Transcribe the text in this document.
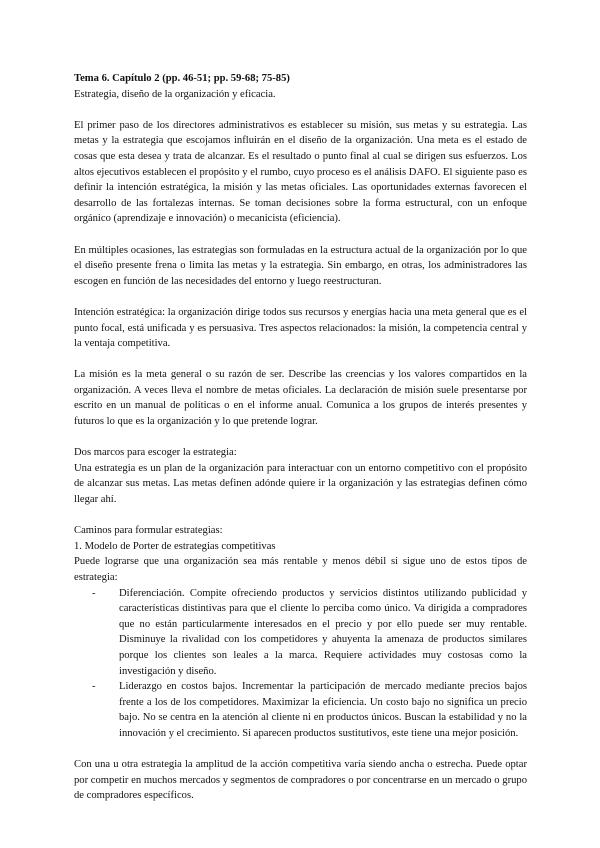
Tema 6. Capítulo 2 (pp. 46-51; pp. 59-68; 75-85)
Estrategia, diseño de la organización y eficacia.

El primer paso de los directores administrativos es establecer su misión, sus metas y su estrategia. Las metas y la estrategia que escojamos influirán en el diseño de la organización. Una meta es el estado de cosas que esta desea y trata de alcanzar. Es el resultado o punto final al cual se dirigen sus esfuerzos. Los altos ejecutivos establecen el propósito y el rumbo, cuyo proceso es el análisis DAFO. El siguiente paso es definir la intención estratégica, la misión y las metas oficiales. Las oportunidades externas favorecen el desarrollo de las fortalezas internas. Se toman decisiones sobre la forma estructural, con un enfoque orgánico (aprendizaje e innovación) o mecanicista (eficiencia).

En múltiples ocasiones, las estrategias son formuladas en la estructura actual de la organización por lo que el diseño presente frena o limita las metas y la estrategia. Sin embargo, en otras, los administradores las escogen en función de las necesidades del entorno y luego reestructuran.

Intención estratégica: la organización dirige todos sus recursos y energías hacia una meta general que es el punto focal, está unificada y es persuasiva. Tres aspectos relacionados: la misión, la competencia central y la ventaja competitiva.

La misión es la meta general o su razón de ser. Describe las creencias y los valores compartidos en la organización. A veces lleva el nombre de metas oficiales. La declaración de misión suele presentarse por escrito en un manual de políticas o en el informe anual. Comunica a los grupos de interés presentes y futuros lo que es la organización y lo que pretende lograr.

Dos marcos para escoger la estrategia:

Una estrategia es un plan de la organización para interactuar con un entorno competitivo con el propósito de alcanzar sus metas. Las metas definen adónde quiere ir la organización y las estrategias definen cómo llegar ahí.

Caminos para formular estrategias:

1. Modelo de Porter de estrategias competitivas

Puede lograrse que una organización sea más rentable y menos débil si sigue uno de estos tipos de estrategia:

- Diferenciación. Compite ofreciendo productos y servicios distintos utilizando publicidad y características distintivas para que el cliente lo perciba como único. Va dirigida a compradores que no están particularmente interesados en el precio y por ello puede ser muy rentable. Disminuye la rivalidad con los competidores y ahuyenta la amenaza de productos similares porque los clientes son leales a la marca. Requiere actividades muy costosas como la investigación y diseño.
- Liderazgo en costos bajos. Incrementar la participación de mercado mediante precios bajos frente a los de los competidores. Maximizar la eficiencia. Un costo bajo no significa un precio bajo. No se centra en la atención al cliente ni en productos únicos. Buscan la estabilidad y no la innovación y el crecimiento. Si aparecen productos sustitutivos, este tiene una mejor posición.

Con una u otra estrategia la amplitud de la acción competitiva varía siendo ancha o estrecha. Puede optar por competir en muchos mercados y segmentos de compradores o por concentrarse en un mercado o grupo de compradores específicos.
